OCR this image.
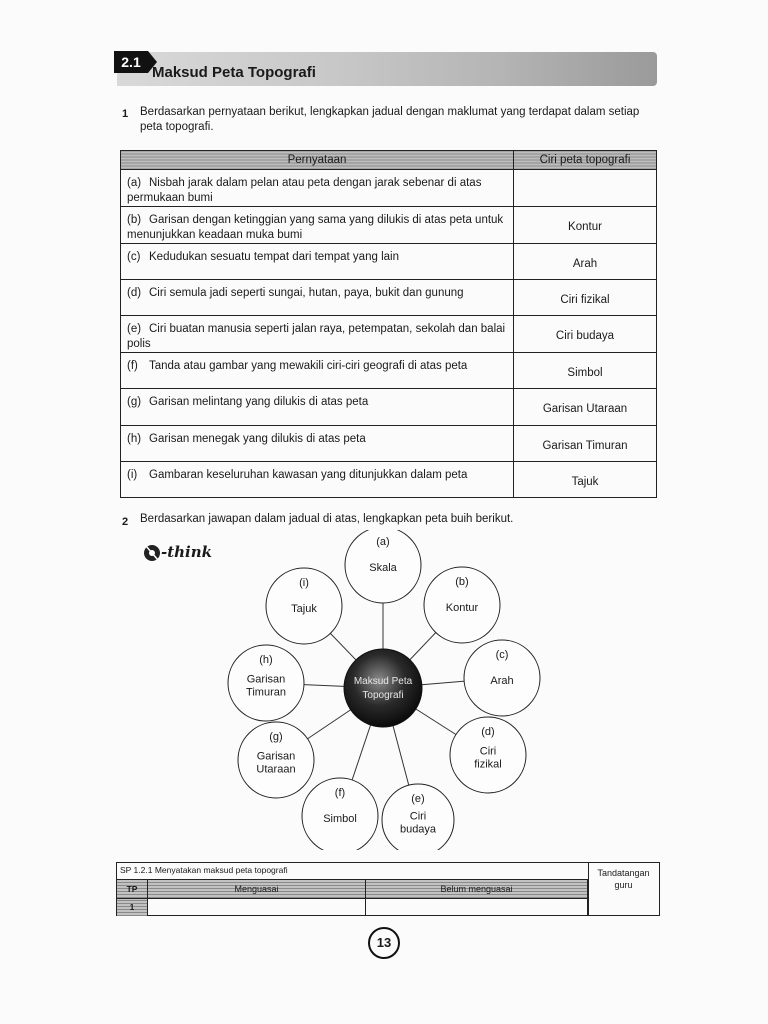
2.1
Maksud Peta Topografi
1 Berdasarkan pernyataan berikut, lengkapkan jadual dengan maklumat yang terdapat dalam setiap peta topografi.
Pernyataan	Ciri peta topografi
(a) Nisbah jarak dalam pelan atau peta dengan jarak sebenar di atas permukaan bumi	
(b) Garisan dengan ketinggian yang sama yang dilukis di atas peta untuk menunjukkan keadaan muka bumi	Kontur
(c) Kedudukan sesuatu tempat dari tempat yang lain	Arah
(d) Ciri semula jadi seperti sungai, hutan, paya, bukit dan gunung	Ciri fizikal
(e) Ciri buatan manusia seperti jalan raya, petempatan, sekolah dan balai polis	Ciri budaya
(f) Tanda atau gambar yang mewakili ciri-ciri geografi di atas peta	Simbol
(g) Garisan melintang yang dilukis di atas peta	Garisan Utaraan
(h) Garisan menegak yang dilukis di atas peta	Garisan Timuran
(i) Gambaran keseluruhan kawasan yang ditunjukkan dalam peta	Tajuk
2 Berdasarkan jawapan dalam jadual di atas, lengkapkan peta buih berikut.
-think
(a)
Skala
(b)
Kontur
(c)
Arah
(d)
Ciri
fizikal
(e)
Ciri
budaya
(f)
Simbol
(g)
Garisan
Utaraan
(h)
Garisan
Timuran
(i)
Tajuk
Maksud Peta
Topografi
SP 1.2.1 Menyatakan maksud peta topografi
TP	Menguasai	Belum menguasai
1
Tandatangan guru
13
